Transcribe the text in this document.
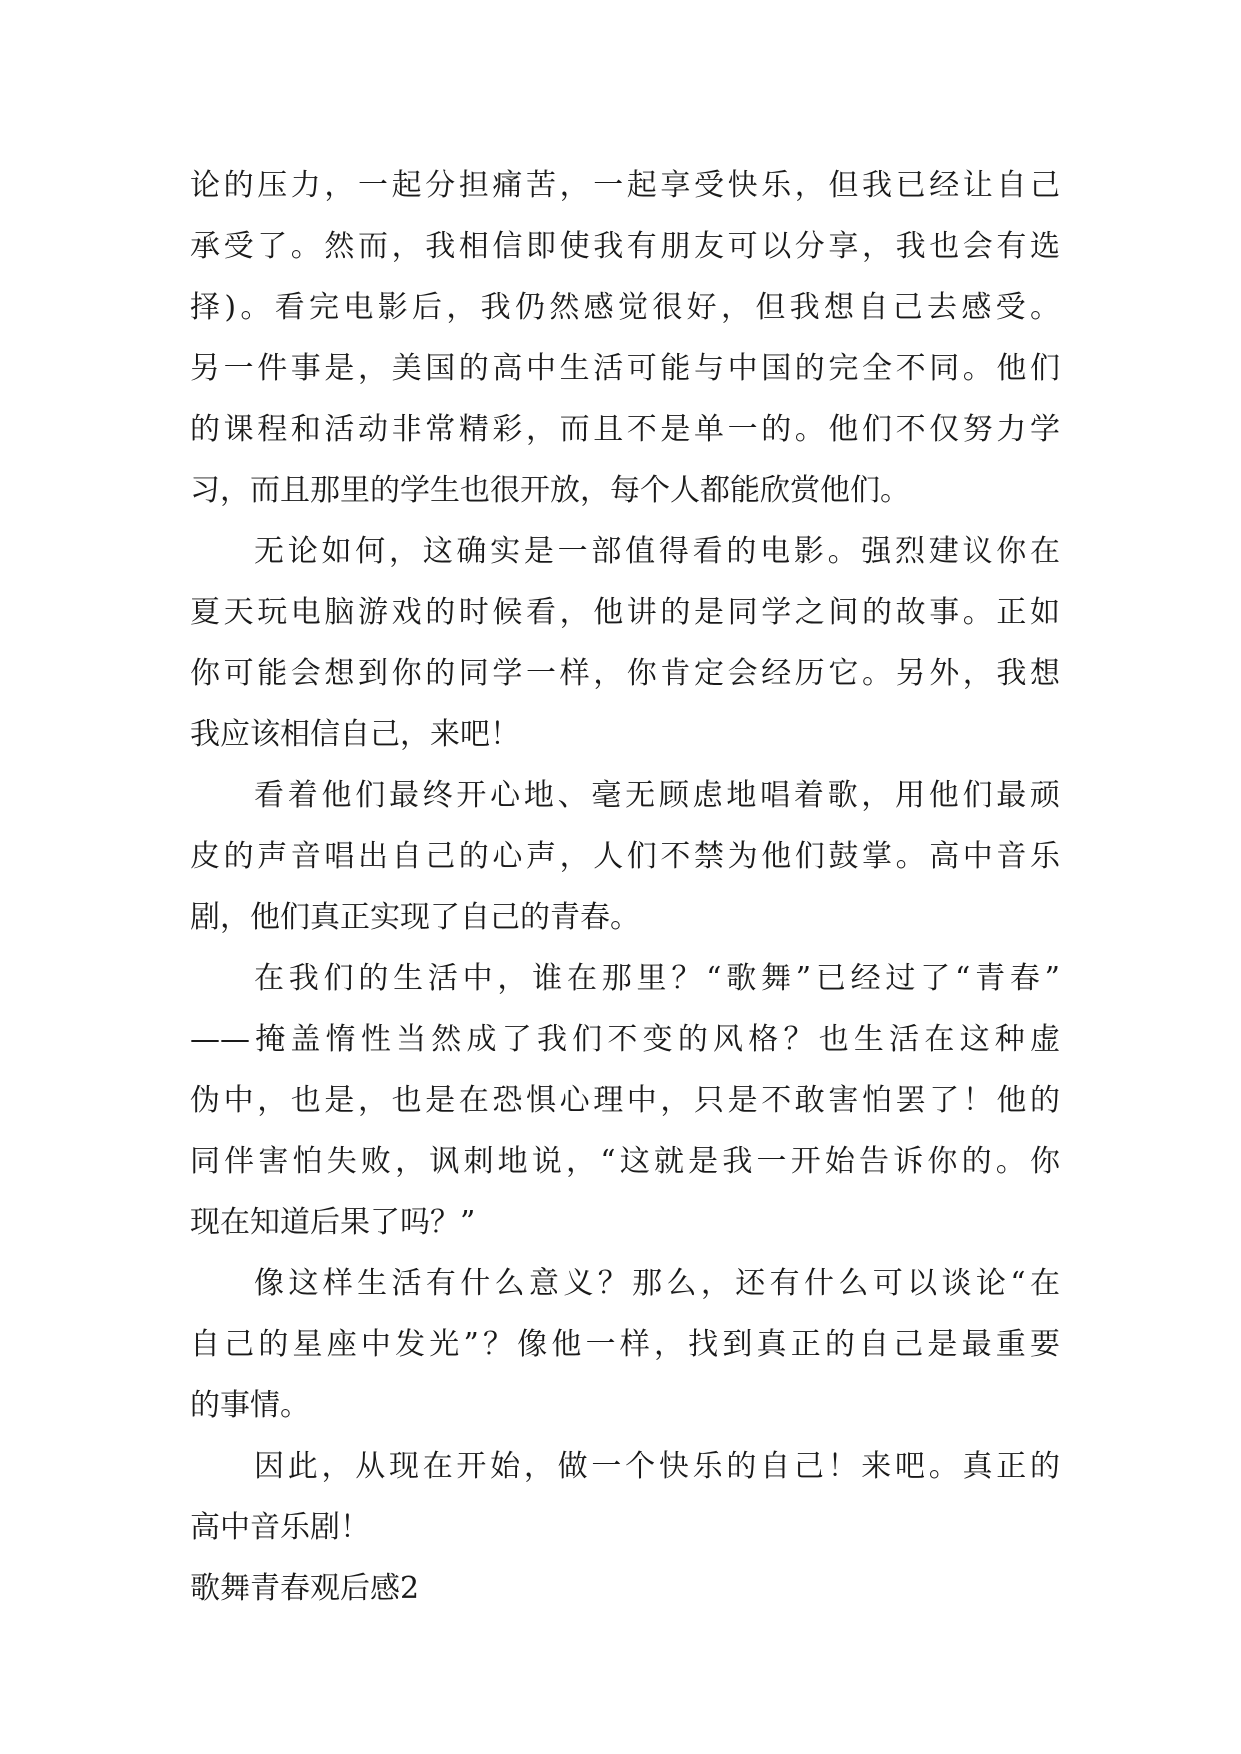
论的压力，一起分担痛苦，一起享受快乐，但我已经让自己
承受了。然而，我相信即使我有朋友可以分享，我也会有选
择)。看完电影后，我仍然感觉很好，但我想自己去感受。
另一件事是，美国的高中生活可能与中国的完全不同。他们
的课程和活动非常精彩，而且不是单一的。他们不仅努力学
习，而且那里的学生也很开放，每个人都能欣赏他们。
无论如何，这确实是一部值得看的电影。强烈建议你在
夏天玩电脑游戏的时候看，他讲的是同学之间的故事。正如
你可能会想到你的同学一样，你肯定会经历它。另外，我想
我应该相信自己，来吧！
看着他们最终开心地、毫无顾虑地唱着歌，用他们最顽
皮的声音唱出自己的心声，人们不禁为他们鼓掌。高中音乐
剧，他们真正实现了自己的青春。
在我们的生活中，谁在那里？“歌舞”已经过了“青春”
——掩盖惰性当然成了我们不变的风格？也生活在这种虚
伪中，也是，也是在恐惧心理中，只是不敢害怕罢了！他的
同伴害怕失败，讽刺地说，“这就是我一开始告诉你的。你
现在知道后果了吗？”
像这样生活有什么意义？那么，还有什么可以谈论“在
自己的星座中发光”？像他一样，找到真正的自己是最重要
的事情。
因此，从现在开始，做一个快乐的自己！来吧。真正的
高中音乐剧！
歌舞青春观后感2
